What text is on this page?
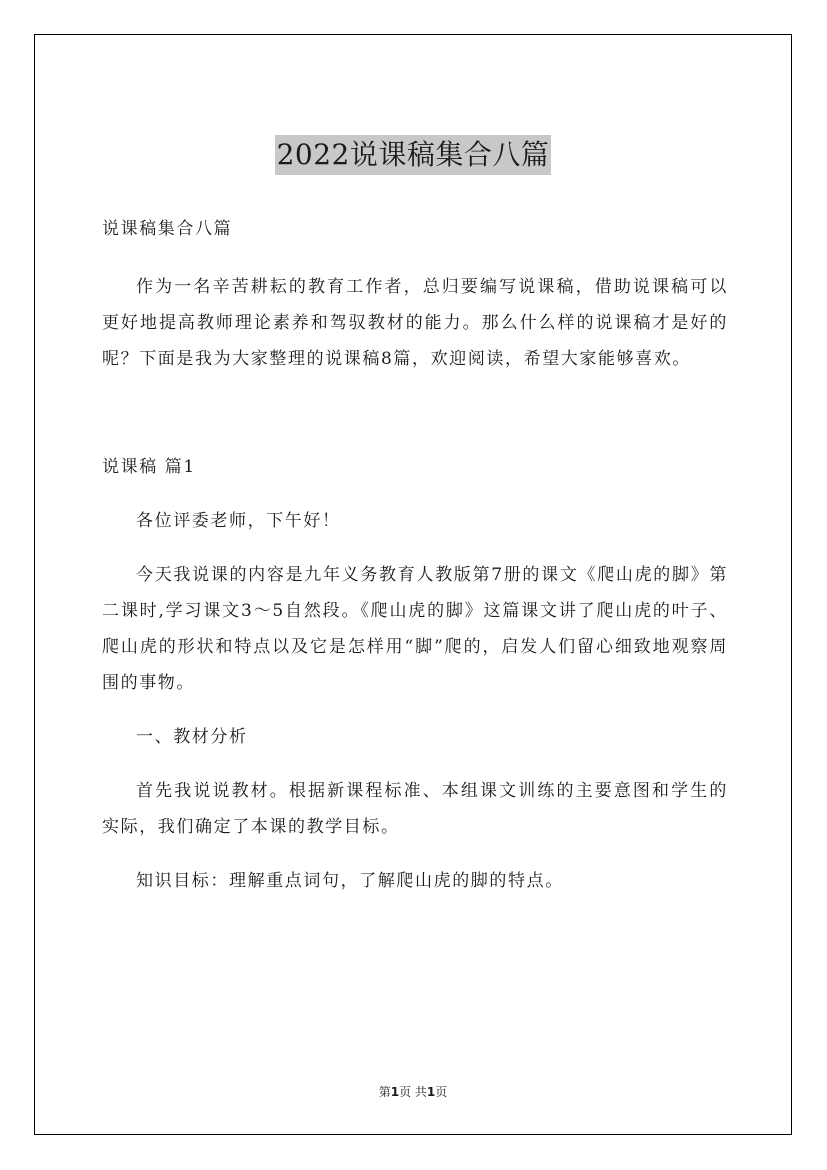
2022说课稿集合八篇

说课稿集合八篇

作为一名辛苦耕耘的教育工作者，总归要编写说课稿，借助说课稿可以更好地提高教师理论素养和驾驭教材的能力。那么什么样的说课稿才是好的呢？下面是我为大家整理的说课稿8篇，欢迎阅读，希望大家能够喜欢。

说课稿 篇1

各位评委老师，下午好！

今天我说课的内容是九年义务教育人教版第7册的课文《爬山虎的脚》第二课时,学习课文3～5自然段。《爬山虎的脚》这篇课文讲了爬山虎的叶子、爬山虎的形状和特点以及它是怎样用“脚”爬的，启发人们留心细致地观察周围的事物。

一、教材分析

首先我说说教材。根据新课程标准、本组课文训练的主要意图和学生的实际，我们确定了本课的教学目标。

知识目标：理解重点词句，了解爬山虎的脚的特点。

第1页 共1页
